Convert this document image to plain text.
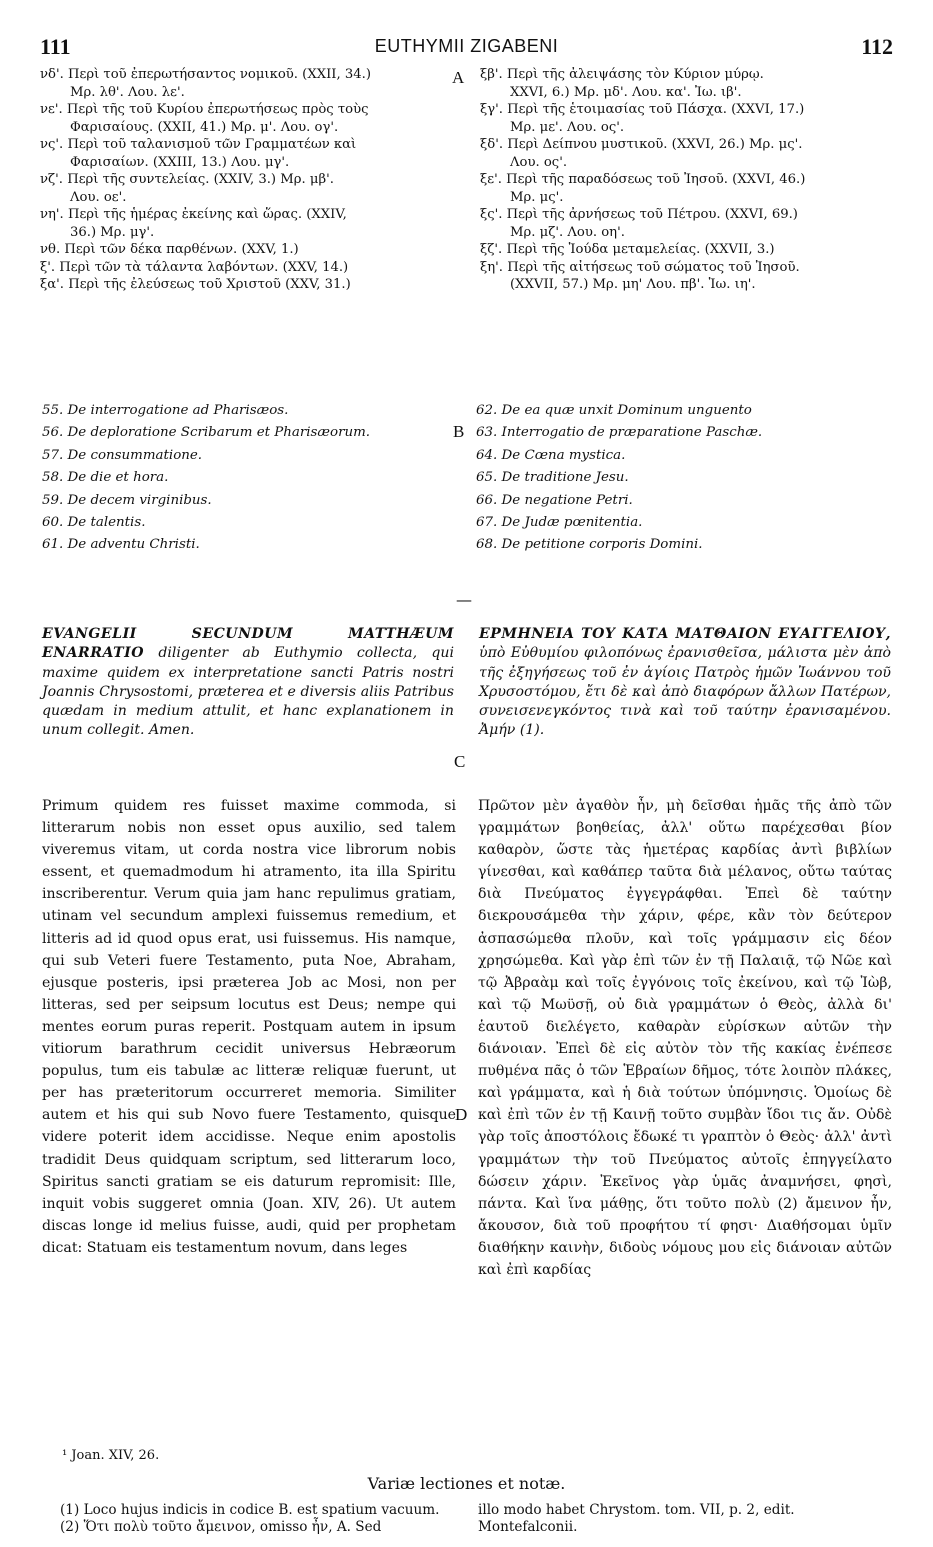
111	EUTHYMII ZIGABENI	112
νδ'. Περὶ τοῦ ἐπερωτήσαντος νομικοῦ. (XXII, 34.)
Μρ. λθ'. Λου. λε'.
νε'. Περὶ τῆς τοῦ Κυρίου ἐπερωτήσεως πρὸς τοὺς
Φαρισαίους. (XXII, 41.) Μρ. μ'. Λου. ογ'.
νς'. Περὶ τοῦ ταλανισμοῦ τῶν Γραμματέων καὶ
Φαρισαίων. (XXIII, 13.) Λου. μγ'.
νζ'. Περὶ τῆς συντελείας. (XXIV, 3.) Μρ. μβ'.
Λου. οε'.
νη'. Περὶ τῆς ἡμέρας ἐκείνης καὶ ὥρας. (XXIV,
36.) Μρ. μγ'.
νθ. Περὶ τῶν δέκα παρθένων. (XXV, 1.)
ξ'. Περὶ τῶν τὰ τάλαντα λαβόντων. (XXV, 14.)
ξα'. Περὶ τῆς ἐλεύσεως τοῦ Χριστοῦ (XXV, 31.)
A ξβ'. Περὶ τῆς ἀλειψάσης τὸν Κύριον μύρῳ.
XXVI, 6.) Μρ. μδ'. Λου. κα'. Ἰω. ιβ'.
ξγ'. Περὶ τῆς ἑτοιμασίας τοῦ Πάσχα. (XXVI, 17.)
Μρ. με'. Λου. ος'.
ξδ'. Περὶ Δείπνου μυστικοῦ. (XXVI, 26.) Μρ. μς'.
Λου. ος'.
ξε'. Περὶ τῆς παραδόσεως τοῦ Ἰησοῦ. (XXVI, 46.)
Μρ. μς'.
ξς'. Περὶ τῆς ἀρνήσεως τοῦ Πέτρου. (XXVI, 69.)
Μρ. μζ'. Λου. οη'.
ξζ'. Περὶ τῆς Ἰούδα μεταμελείας. (XXVII, 3.)
ξη'. Περὶ τῆς αἰτήσεως τοῦ σώματος τοῦ Ἰησοῦ.
(XXVII, 57.) Μρ. μη' Λου. πβ'. Ἰω. ιη'.
55. De interrogatione ad Pharisæos.
56. De deploratione Scribarum et Pharisæorum.
57. De consummatione.
58. De die et hora.
59. De decem virginibus.
60. De talentis.
61. De adventu Christi.
B
62. De ea quæ unxit Dominum unguento
63. Interrogatio de præparatione Paschæ.
64. De Cœna mystica.
65. De traditione Jesu.
66. De negatione Petri.
67. De Judæ pœnitentia.
68. De petitione corporis Domini.
—
EVANGELII SECUNDUM MATTHÆUM ENARRATIO diligenter ab Euthymio collecta, qui maxime quidem ex interpretatione sancti Patris nostri Joannis Chrysostomi, præterea et e diversis aliis Patribus quædam in medium attulit, et hanc explanationem in unum collegit. Amen.
C
ΕΡΜΗΝΕΙΑ ΤΟΥ ΚΑΤΑ ΜΑΤΘΑΙΟΝ ΕΥΑΓΓΕΛΙΟΥ, ὑπὸ Εὐθυμίου φιλοπόνως ἐρανισθεῖσα, μάλιστα μὲν ἀπὸ τῆς ἐξηγήσεως τοῦ ἐν ἁγίοις Πατρὸς ἡμῶν Ἰωάννου τοῦ Χρυσοστόμου, ἔτι δὲ καὶ ἀπὸ διαφόρων ἄλλων Πατέρων, συνεισενεγκόντος τινὰ καὶ τοῦ ταύτην ἐρανισαμένου. Ἀμήν (1).
Primum quidem res fuisset maxime commoda, si litterarum nobis non esset opus auxilio, sed talem viveremus vitam, ut corda nostra vice librorum nobis essent, et quemadmodum hi atramento, ita illa Spiritu inscriberentur. Verum quia jam hanc repulimus gratiam, utinam vel secundum amplexi fuissemus remedium, et litteris ad id quod opus erat, usi fuissemus. His namque, qui sub Veteri fuere Testamento, puta Noe, Abraham, ejusque posteris, ipsi præterea Job ac Mosi, non per litteras, sed per seipsum locutus est Deus; nempe qui mentes eorum puras reperit. Postquam autem in ipsum vitiorum barathrum cecidit universus Hebræorum populus, tum eis tabulæ ac litteræ reliquæ fuerunt, ut per has præteritorum occurreret memoria. Similiter autem et his qui sub Novo fuere Testamento, quisque videre poterit idem accidisse. Neque enim apostolis tradidit Deus quidquam scriptum, sed litterarum loco, Spiritus sancti gratiam se eis daturum repromisit: Ille, inquit vobis suggeret omnia (Joan. XIV, 26). Ut autem discas longe id melius fuisse, audi, quid per prophetam dicat: Statuam eis testamentum novum, dans leges
D
Πρῶτον μὲν ἀγαθὸν ἦν, μὴ δεῖσθαι ἡμᾶς τῆς ἀπὸ τῶν γραμμάτων βοηθείας, ἀλλ' οὕτω παρέχεσθαι βίον καθαρὸν, ὥστε τὰς ἡμετέρας καρδίας ἀντὶ βιβλίων γίνεσθαι, καὶ καθάπερ ταῦτα διὰ μέλανος, οὕτω ταύτας διὰ Πνεύματος ἐγγεγράφθαι. Ἐπεὶ δὲ ταύτην διεκρουσάμεθα τὴν χάριν, φέρε, κἂν τὸν δεύτερον ἀσπασώμεθα πλοῦν, καὶ τοῖς γράμμασιν εἰς δέον χρησώμεθα. Καὶ γὰρ ἐπὶ τῶν ἐν τῇ Παλαιᾷ, τῷ Νῶε καὶ τῷ Ἀβραὰμ καὶ τοῖς ἐγγόνοις τοῖς ἐκείνου, καὶ τῷ Ἰὼβ, καὶ τῷ Μωϋσῇ, οὐ διὰ γραμμάτων ὁ Θεὸς, ἀλλὰ δι' ἑαυτοῦ διελέγετο, καθαρὰν εὑρίσκων αὐτῶν τὴν διάνοιαν. Ἐπεὶ δὲ εἰς αὐτὸν τὸν τῆς κακίας ἐνέπεσε πυθμένα πᾶς ὁ τῶν Ἑβραίων δῆμος, τότε λοιπὸν πλάκες, καὶ γράμματα, καὶ ἡ διὰ τούτων ὑπόμνησις. Ὁμοίως δὲ καὶ ἐπὶ τῶν ἐν τῇ Καινῇ τοῦτο συμβὰν ἴδοι τις ἄν. Οὐδὲ γὰρ τοῖς ἀποστόλοις ἔδωκέ τι γραπτὸν ὁ Θεὸς· ἀλλ' ἀντὶ γραμμάτων τὴν τοῦ Πνεύματος αὐτοῖς ἐπηγγείλατο δώσειν χάριν. Ἐκεῖνος γὰρ ὑμᾶς ἀναμνήσει, φησὶ, πάντα. Καὶ ἵνα μάθῃς, ὅτι τοῦτο πολὺ (2) ἄμεινον ἦν, ἄκουσον, διὰ τοῦ προφήτου τί φησι· Διαθήσομαι ὑμῖν διαθήκην καινὴν, διδοὺς νόμους μου εἰς διάνοιαν αὐτῶν καὶ ἐπὶ καρδίας
¹ Joan. XIV, 26.
Variæ lectiones et notæ.

(1) Loco hujus indicis in codice B. est spatium vacuum.

(2) Ὅτι πολὺ τοῦτο ἄμεινον, omisso ἦν, A. Sed

illo modo habet Chrystom. tom. VII, p. 2, edit. Montefalconii.
